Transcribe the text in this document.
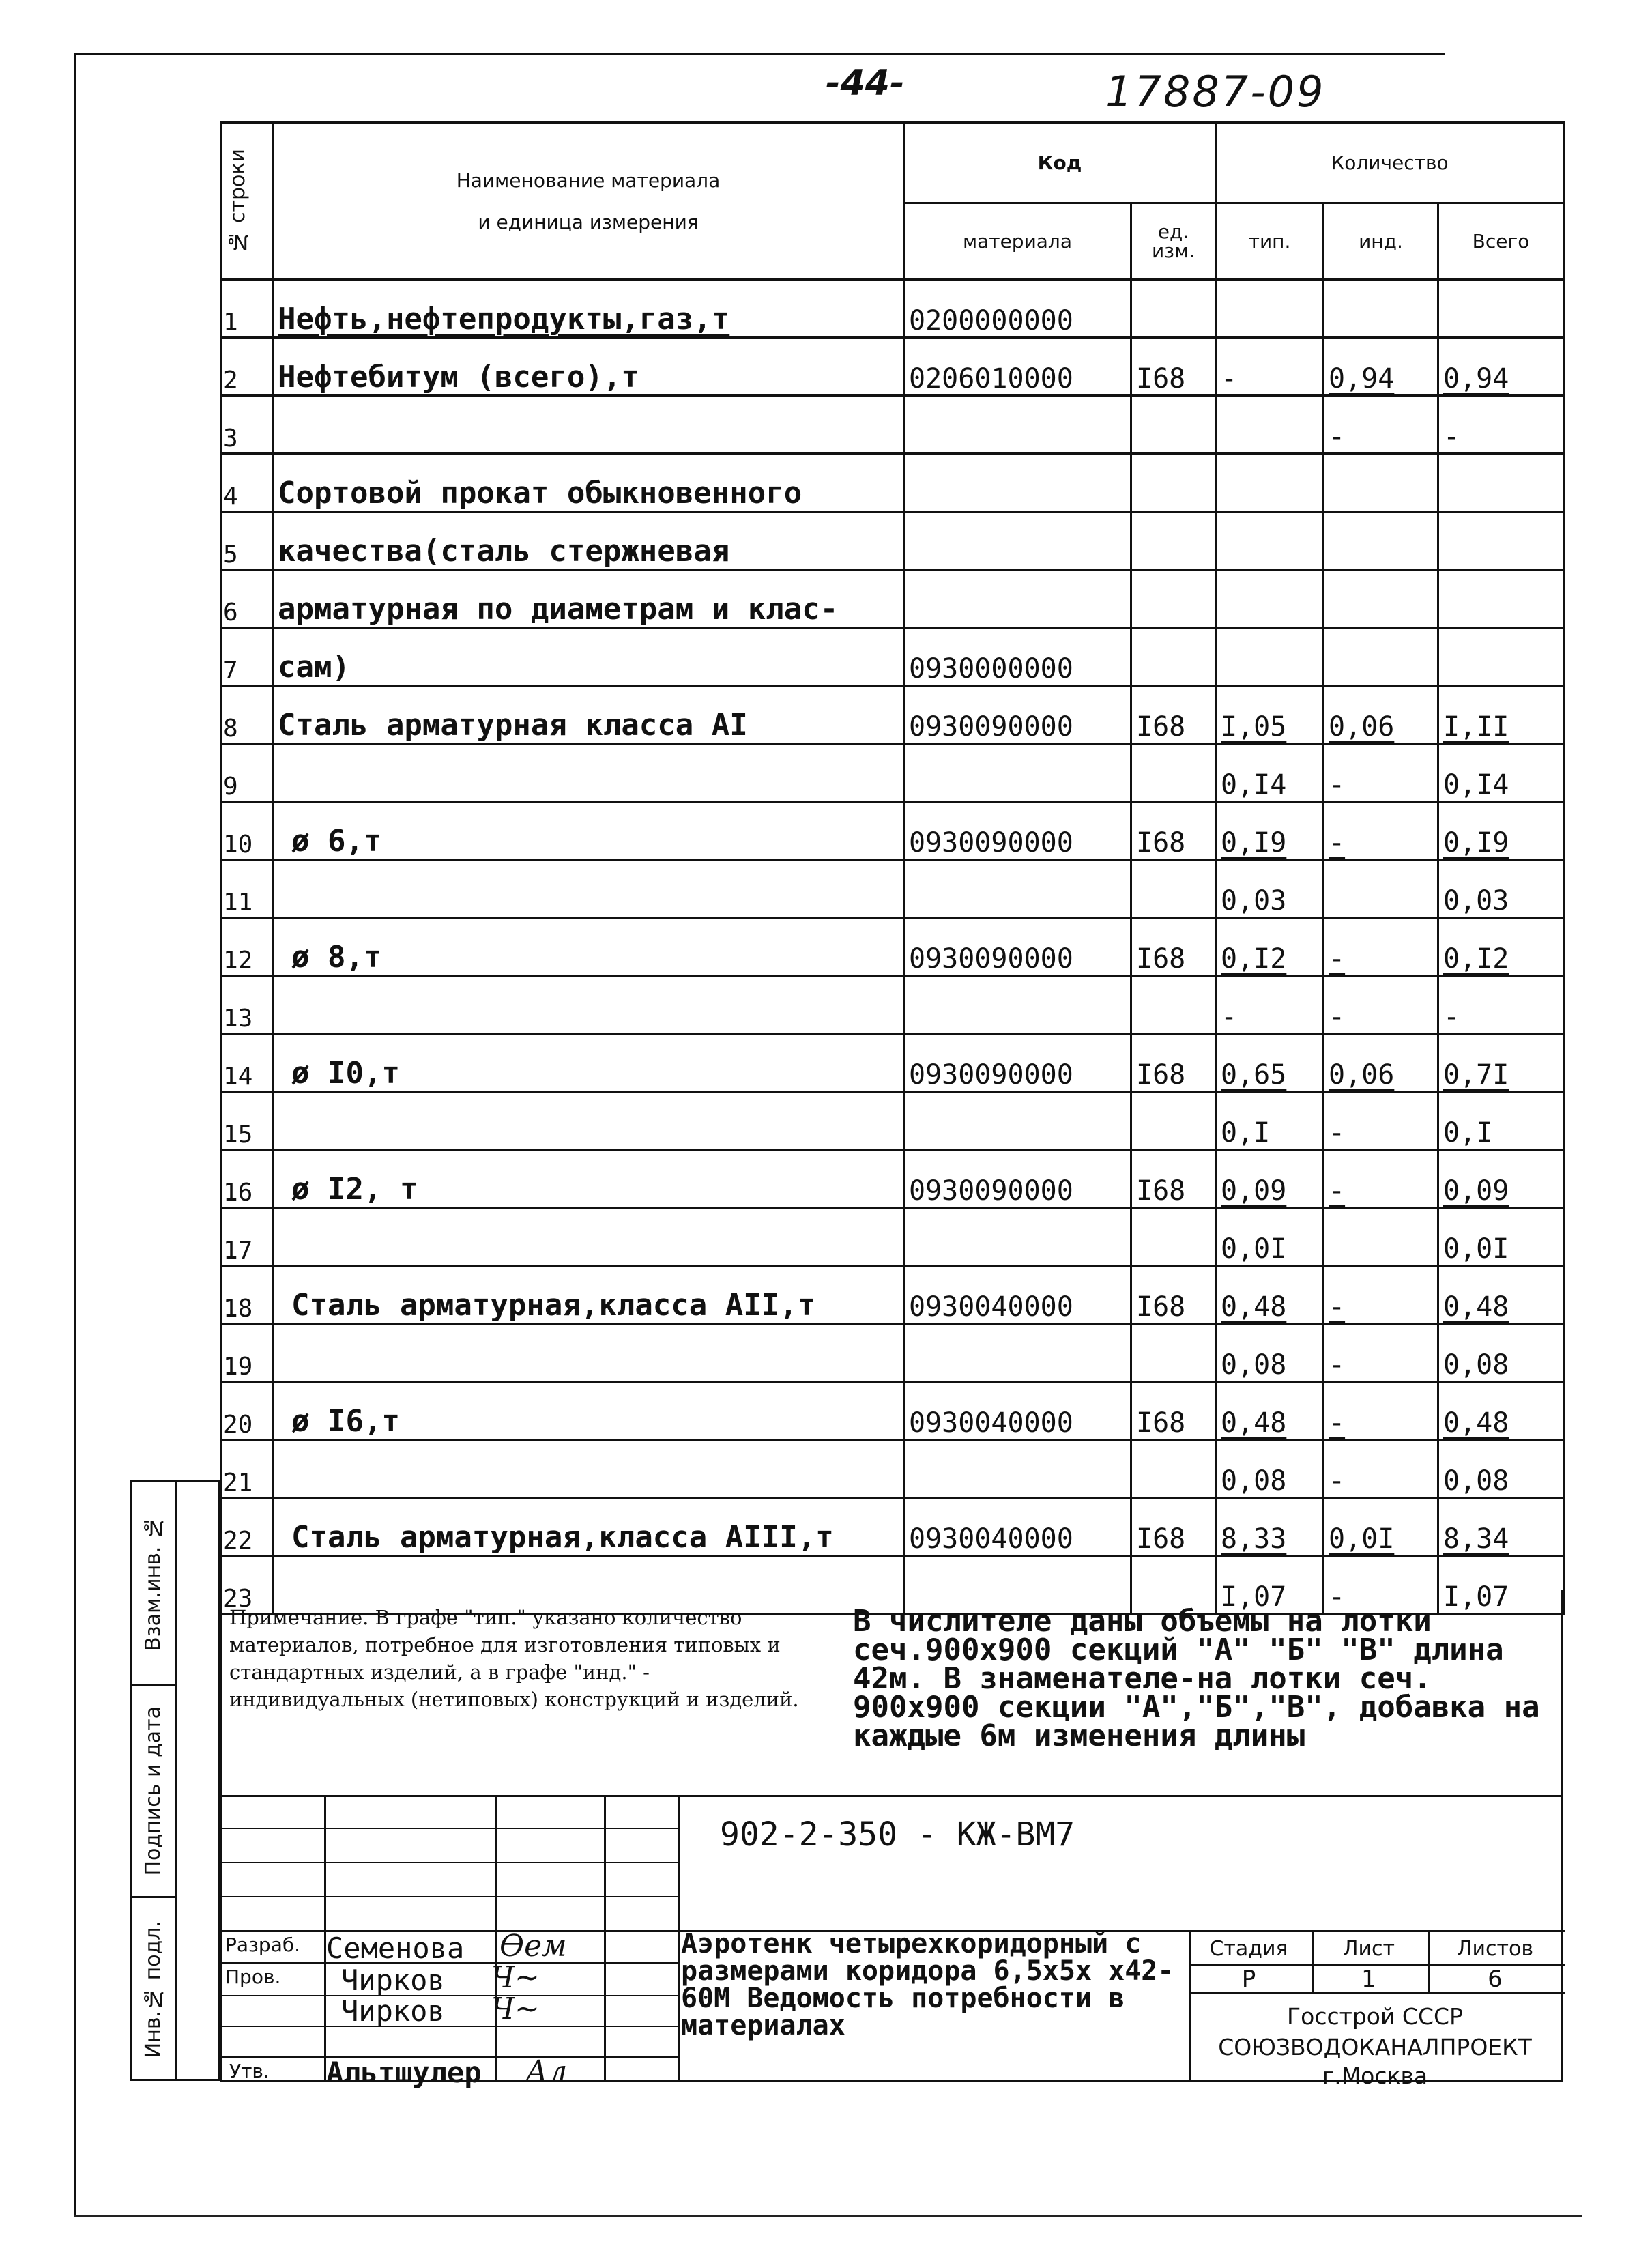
-44-	17887-09
№ строки	Наименование материала
и единица измерения	Код		Количество		
		материала	ед. изм.	тип.	инд.	Всего
1	Нефть,нефтепродукты,газ,т	0200000000				
2	Нефтебитум (всего),т	0206010000	I68	-	0,94	0,94
3					-	-
4	Сортовой прокат обыкновенного					
5	качества(сталь стержневая					
6	арматурная по диаметрам и клас-					
7	сам)	0930000000				
8	Сталь арматурная класса АI	0930090000	I68	I,05	0,06	I,II
9				0,I4	-	0,I4
10	ø 6,т	0930090000	I68	0,I9	-	0,I9
11				0,03		0,03
12	ø 8,т	0930090000	I68	0,I2	-	0,I2
13				-	-	-
14	ø I0,т	0930090000	I68	0,65	0,06	0,7I
15				0,I	-	0,I
16	ø I2, т	0930090000	I68	0,09	-	0,09
17				0,0I		0,0I
18	Сталь арматурная,класса АII,т	0930040000	I68	0,48	-	0,48
19				0,08	-	0,08
20	ø I6,т	0930040000	I68	0,48	-	0,48
21				0,08	-	0,08
22	Сталь арматурная,класса АIII,т	0930040000	I68	8,33	0,0I	8,34
23				I,07	-	I,07
Взам.инв. №
Подпись и дата
Инв.№ подл.
Примечание. В графе "тип." указано количество материалов, потребное для изготовления типовых и стандартных изделий, а в графе "инд." - индивидуальных (нетиповых) конструкций и изделий.
В числителе даны объемы на лотки сеч.900х900 секций "А" "Б" "В" длина 42м. В знаменателе-на лотки сеч. 900х900 секции "А","Б","В", добавка на каждые 6м изменения длины
902-2-350 - КЖ-ВМ7
Разраб. Семенова Ѳем
Пров. Чирков Ч~
Чирков Ч~
Утв. Альтшулер Ал
Аэротенк четырехкоридорный с размерами коридора 6,5х5х х42-60М Ведомость потребности в материалах
Стадия	Лист	Листов
Р	1	6
Госстрой СССР
СОЮЗВОДОКАНАЛПРОЕКТ
г.Москва
